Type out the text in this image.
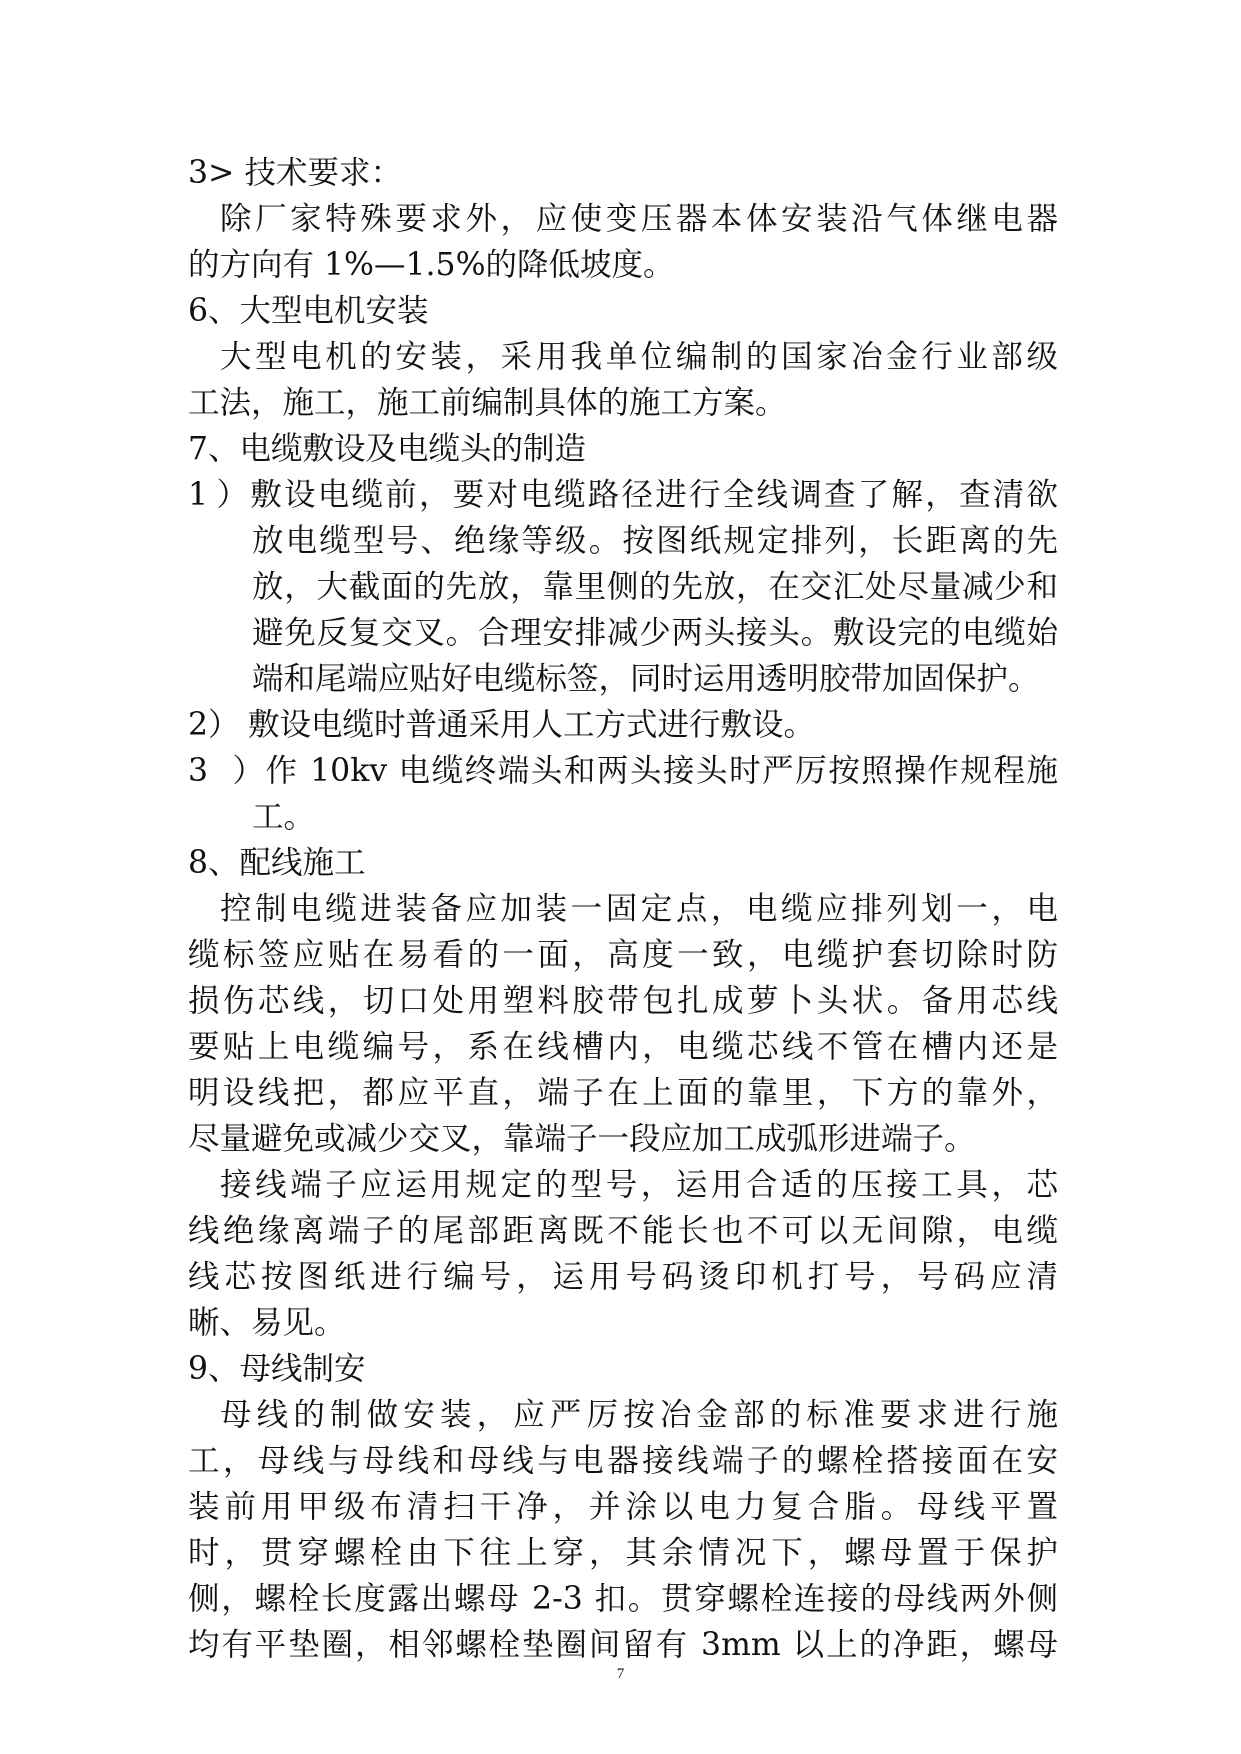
3> 技术要求：
除厂家特殊要求外，应使变压器本体安装沿气体继电器
的方向有 1%—1.5%的降低坡度。
6、大型电机安装
大型电机的安装，采用我单位编制的国家冶金行业部级
工法，施工，施工前编制具体的施工方案。
7、电缆敷设及电缆头的制造
1）敷设电缆前，要对电缆路径进行全线调查了解，查清欲
放电缆型号、绝缘等级。按图纸规定排列，长距离的先
放，大截面的先放，靠里侧的先放，在交汇处尽量减少和
避免反复交叉。合理安排减少两头接头。敷设完的电缆始
端和尾端应贴好电缆标签，同时运用透明胶带加固保护。
2） 敷设电缆时普通采用人工方式进行敷设。
3）作 10kv 电缆终端头和两头接头时严厉按照操作规程施
工。
8、配线施工
控制电缆进装备应加装一固定点，电缆应排列划一，电
缆标签应贴在易看的一面，高度一致，电缆护套切除时防
损伤芯线，切口处用塑料胶带包扎成萝卜头状。备用芯线
要贴上电缆编号，系在线槽内，电缆芯线不管在槽内还是
明设线把，都应平直，端子在上面的靠里，下方的靠外，
尽量避免或减少交叉，靠端子一段应加工成弧形进端子。
接线端子应运用规定的型号，运用合适的压接工具，芯
线绝缘离端子的尾部距离既不能长也不可以无间隙，电缆
线芯按图纸进行编号，运用号码烫印机打号，号码应清
晰、易见。
9、母线制安
母线的制做安装，应严厉按冶金部的标准要求进行施
工，母线与母线和母线与电器接线端子的螺栓搭接面在安
装前用甲级布清扫干净，并涂以电力复合脂。母线平置
时，贯穿螺栓由下往上穿，其余情况下，螺母置于保护
侧，螺栓长度露出螺母 2-3 扣。贯穿螺栓连接的母线两外侧
均有平垫圈，相邻螺栓垫圈间留有 3mm 以上的净距，螺母
7
